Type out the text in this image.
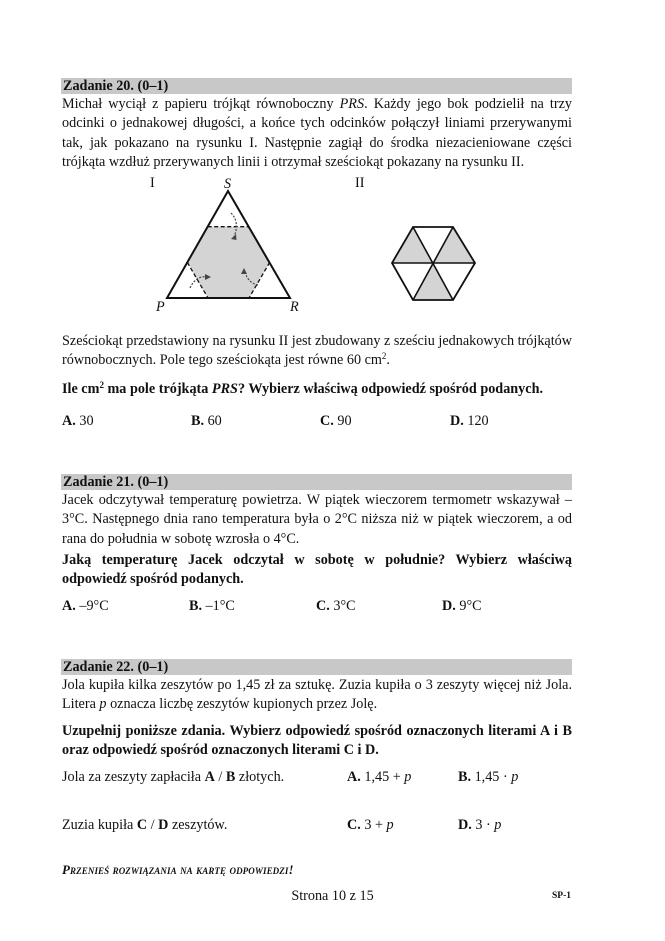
Zadanie 20. (0–1)

Michał wyciął z papieru trójkąt równoboczny PRS. Każdy jego bok podzielił na trzy odcinki o jednakowej długości, a końce tych odcinków połączył liniami przerywanymi tak, jak pokazano na rysunku I. Następnie zagiął do środka niezacieniowane części trójkąta wzdłuż przerywanych linii i otrzymał sześciokąt pokazany na rysunku II.

I	S
P	R
II

Sześciokąt przedstawiony na rysunku II jest zbudowany z sześciu jednakowych trójkątów równobocznych. Pole tego sześciokąta jest równe 60 $cm^2$.

Ile $cm^2$ ma pole trójkąta PRS? Wybierz właściwą odpowiedź spośród podanych.

A. 30	B. 60	C. 90	D. 120
Zadanie 21. (0–1)

Jacek odczytywał temperaturę powietrza. W piątek wieczorem termometr wskazywał –3°C. Następnego dnia rano temperatura była o 2°C niższa niż w piątek wieczorem, a od rana do południa w sobotę wzrosła o 4°C.

Jaką temperaturę Jacek odczytał w sobotę w południe? Wybierz właściwą odpowiedź spośród podanych.

A. –9°C	B. –1°C	C. 3°C	D. 9°C
Zadanie 22. (0–1)

Jola kupiła kilka zeszytów po 1,45 zł za sztukę. Zuzia kupiła o 3 zeszyty więcej niż Jola. Litera p oznacza liczbę zeszytów kupionych przez Jolę.

Uzupełnij poniższe zdania. Wybierz odpowiedź spośród oznaczonych literami A i B oraz odpowiedź spośród oznaczonych literami C i D.

Jola za zeszyty zapłaciła A / B złotych.	A. 1,45 + p	B. 1,45 · p
Zuzia kupiła C / D zeszytów.	C. 3 + p	D. 3 · p
Przenieś rozwiązania na kartę odpowiedzi!
Strona 10 z 15	SP-1
